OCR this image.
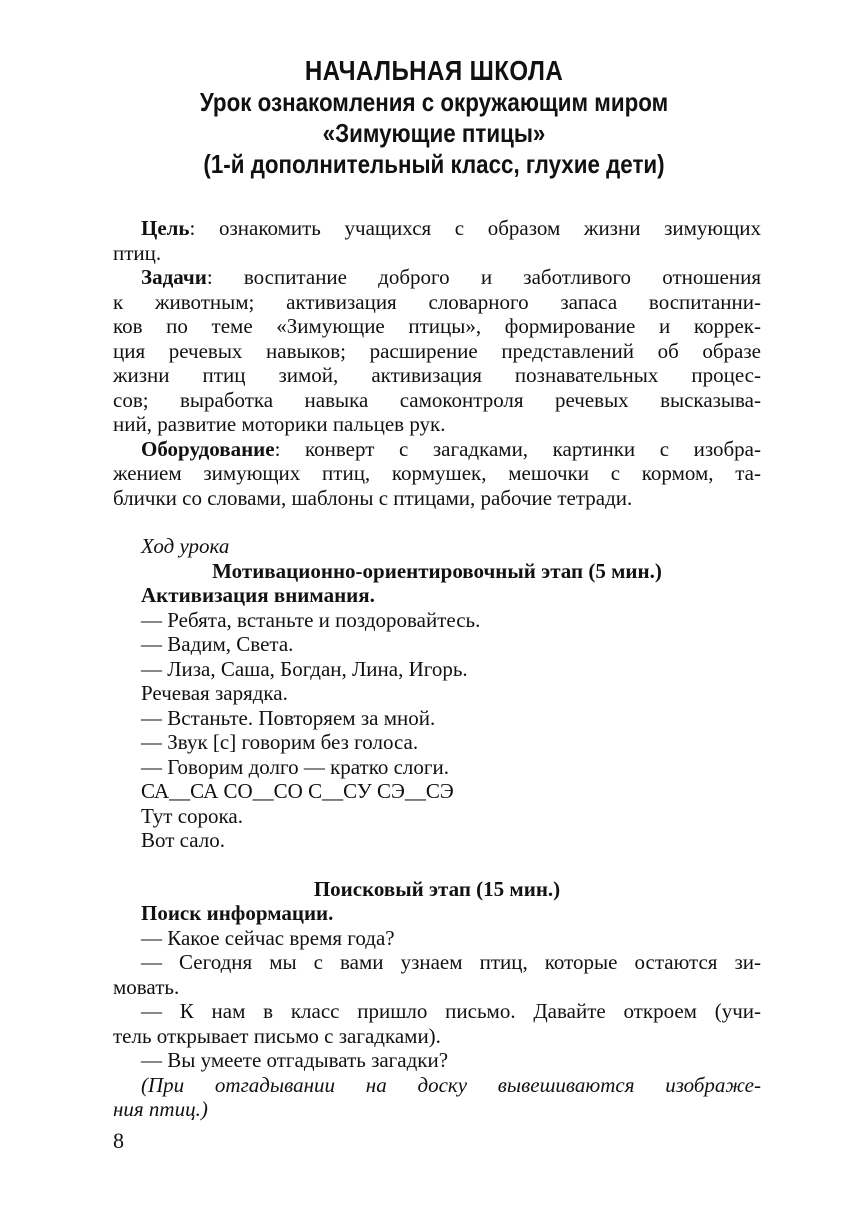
НАЧАЛЬНАЯ ШКОЛА
Урок ознакомления с окружающим миром
«Зимующие птицы»
(1-й дополнительный класс, глухие дети)

Цель: ознакомить учащихся с образом жизни зимующих

птиц.

Задачи: воспитание доброго и заботливого отношения

к животным; активизация словарного запаса воспитанни-

ков по теме «Зимующие птицы», формирование и коррек-

ция речевых навыков; расширение представлений об образе

жизни птиц зимой, активизация познавательных процес-

сов; выработка навыка самоконтроля речевых высказыва-

ний, развитие моторики пальцев рук.

Оборудование: конверт с загадками, картинки с изобра-

жением зимующих птиц, кормушек, мешочки с кормом, та-

блички со словами, шаблоны с птицами, рабочие тетради.

Ход урока

Мотивационно-ориентировочный этап (5 мин.)

Активизация внимания.

— Ребята, встаньте и поздоровайтесь.

— Вадим, Света.

— Лиза, Саша, Богдан, Лина, Игорь.

Речевая зарядка.

— Встаньте. Повторяем за мной.

— Звук [с] говорим без голоса.

— Говорим долго — кратко слоги.

СА__СА СО__СО С__СУ СЭ__СЭ

Тут сорока.

Вот сало.

Поисковый этап (15 мин.)

Поиск информации.

— Какое сейчас время года?

— Сегодня мы с вами узнаем птиц, которые остаются зи-

мовать.

— К нам в класс пришло письмо. Давайте откроем (учи-

тель открывает письмо с загадками).

— Вы умеете отгадывать загадки?

(При отгадывании на доску вывешиваются изображе-

ния птиц.)

8
